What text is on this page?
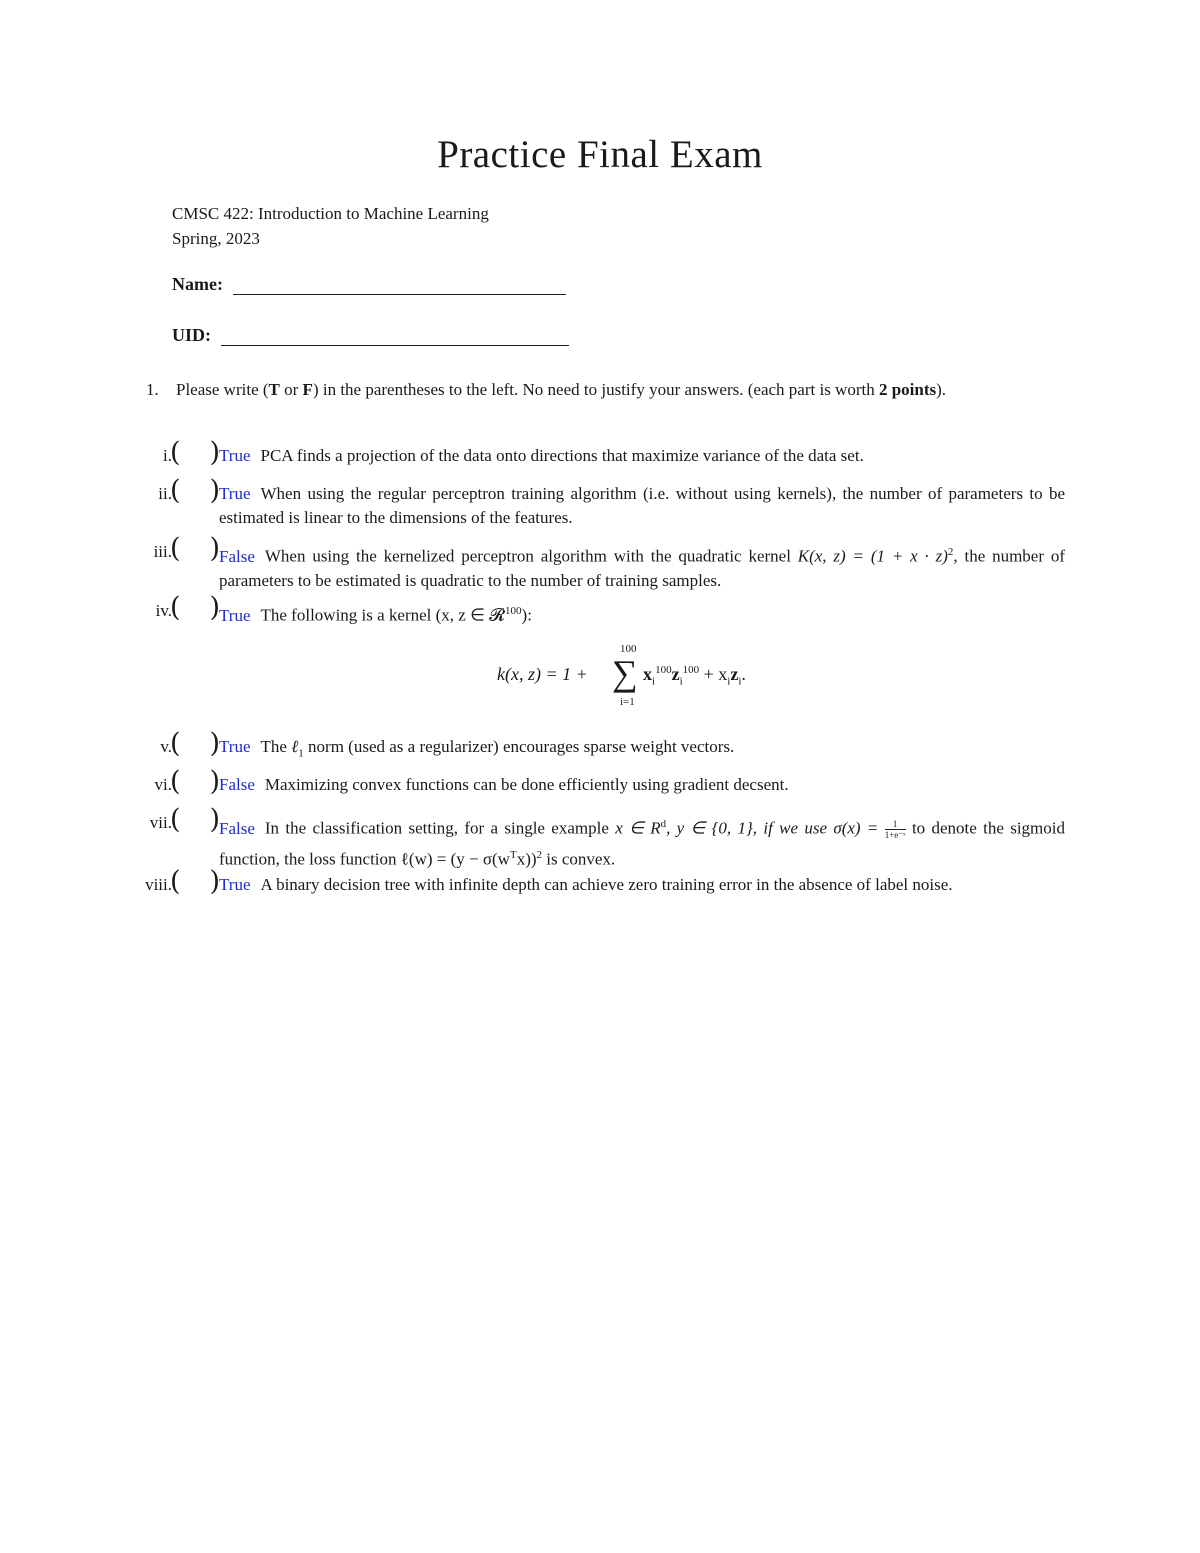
Practice Final Exam
CMSC 422: Introduction to Machine Learning
Spring, 2023
Name:
UID:
1. Please write (T or F) in the parentheses to the left. No need to justify your answers. (each part is worth 2 points).
i.
( ) True PCA finds a projection of the data onto directions that maximize variance of the data set.
ii.
( ) True When using the regular perceptron training algorithm (i.e. without using kernels), the number of parameters to be estimated is linear to the dimensions of the features.
iii.
( ) False When using the kernelized perceptron algorithm with the quadratic kernel K(x, $z) = (1 + x \cdot z)^2$, the number of parameters to be estimated is quadratic to the number of training samples.
iv.
( ) True The following is a kernel (x, z ∈ 𝓡$^{100}$):
k(x, z) = 1 +
100
∑
i=1
$x_i^{100}z_i^{100} + x_iz_i$.
v.
( ) True The ℓ$_1$ norm (used as a regularizer) encourages sparse weight vectors.
vi.
( ) False Maximizing convex functions can be done efficiently using gradient decsent.
vii.
( ) False In the classification setting, for a single example x ∈ $R^d$, y ∈ {0, 1}, if we use $\sigma(x) = \frac{1}{\text{1+e⁻ˣ}}$ to denote the sigmoid function, the loss function ℓ(w) = $(y - \sigma(w^Tx))^2$ is convex.
viii.
( ) True A binary decision tree with infinite depth can achieve zero training error in the absence of label noise.
